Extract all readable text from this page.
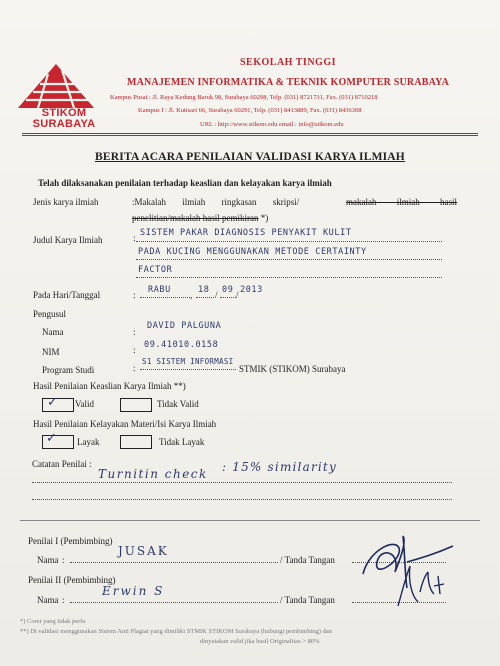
STIKOM SURABAYA
SEKOLAH TINGGI
MANAJEMEN INFORMATIKA & TEKNIK KOMPUTER SURABAYA
Kampus Pusat : Jl. Raya Kedung Baruk 98, Surabaya 60298, Telp. (031) 8721731, Fax. (031) 8710218
Kampus I : Jl. Kutisari 66, Surabaya 60291, Telp. (031) 8413889, Fax. (031) 8436308
URL : http://www.stikom.edu email : info@stikom.edu
BERITA ACARA PENILAIAN VALIDASI KARYA ILMIAH
Telah dilaksanakan penilaian terhadap keaslian dan kelayakan karya ilmiah
Jenis karya ilmiah	:Makalah ilmiah ringkasan skripsi/	makalah ilmiah hasil
penelitian/makalah hasil pemikiran *)
Judul Karya Ilmiah	: SISTEM PAKAR DIAGNOSIS PENYAKIT KULIT
PADA KUCING MENGGUNAKAN METODE CERTAINTY
FACTOR
Pada Hari/Tanggal	: RABU , 18 / 09 / 2013
Pengusul
Nama	:
DAVID PALGUNA
NIM	: 09.41010.0158
Program Studi	:
S1 SISTEM INFORMASI
STMIK (STIKOM) Surabaya
Hasil Penilaian Keaslian Karya Ilmiah **)
✓ Valid	Tidak Valid
Hasil Penilaian Kelayakan Materi/Isi Karya Ilmiah
✓ Layak	Tidak Layak
Catatan Penilai :
Turnitin check : 15% similarity
Penilai I (Pembimbing)
Nama :
JUSAK
/ Tanda Tangan
Penilai II (Pembimbing)
Nama :
Erwin S
/ Tanda Tangan
*) Coret yang tidak perlu
**) Di validasi menggunakan Sistem Anti Plagiat yang dimiliki STMIK STIKOM Surabaya (hubungi pembimbing) dan
dinyatakan valid jika hasil Originalitas > 80%
